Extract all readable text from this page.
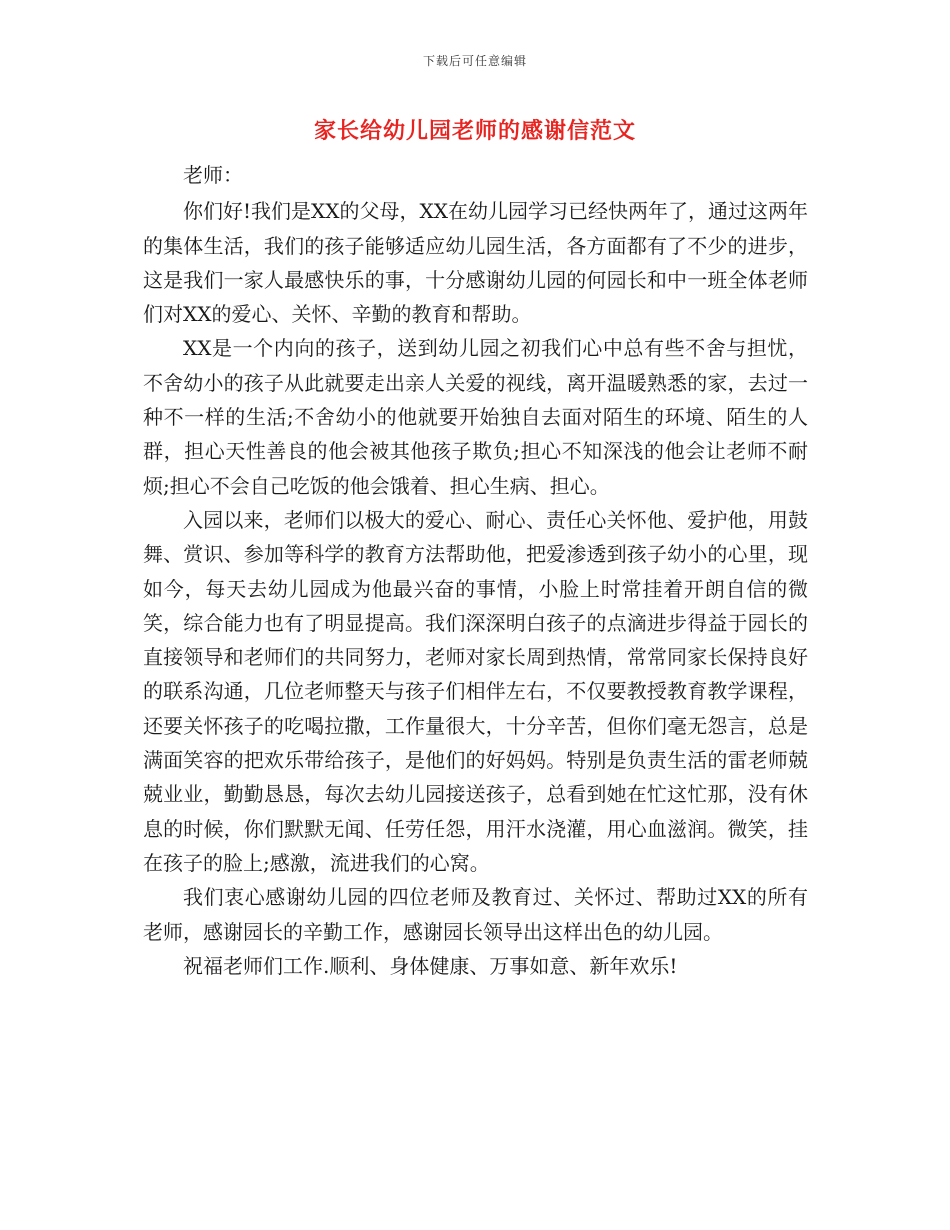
下载后可任意编辑
家长给幼儿园老师的感谢信范文

老师：

你们好!我们是XX的父母，XX在幼儿园学习已经快两年了，通过这两年的集体生活，我们的孩子能够适应幼儿园生活，各方面都有了不少的进步，这是我们一家人最感快乐的事，十分感谢幼儿园的何园长和中一班全体老师们对XX的爱心、关怀、辛勤的教育和帮助。

XX是一个内向的孩子，送到幼儿园之初我们心中总有些不舍与担忧，不舍幼小的孩子从此就要走出亲人关爱的视线，离开温暖熟悉的家，去过一种不一样的生活;不舍幼小的他就要开始独自去面对陌生的环境、陌生的人群，担心天性善良的他会被其他孩子欺负;担心不知深浅的他会让老师不耐烦;担心不会自己吃饭的他会饿着、担心生病、担心。

入园以来，老师们以极大的爱心、耐心、责任心关怀他、爱护他，用鼓舞、赏识、参加等科学的教育方法帮助他，把爱渗透到孩子幼小的心里，现如今，每天去幼儿园成为他最兴奋的事情，小脸上时常挂着开朗自信的微笑，综合能力也有了明显提高。我们深深明白孩子的点滴进步得益于园长的直接领导和老师们的共同努力，老师对家长周到热情，常常同家长保持良好的联系沟通，几位老师整天与孩子们相伴左右，不仅要教授教育教学课程，还要关怀孩子的吃喝拉撒，工作量很大，十分辛苦，但你们毫无怨言，总是满面笑容的把欢乐带给孩子，是他们的好妈妈。特别是负责生活的雷老师兢兢业业，勤勤恳恳，每次去幼儿园接送孩子，总看到她在忙这忙那，没有休息的时候，你们默默无闻、任劳任怨，用汗水浇灌，用心血滋润。微笑，挂在孩子的脸上;感激，流进我们的心窝。

我们衷心感谢幼儿园的四位老师及教育过、关怀过、帮助过XX的所有老师，感谢园长的辛勤工作，感谢园长领导出这样出色的幼儿园。

祝福老师们工作.顺利、身体健康、万事如意、新年欢乐!
